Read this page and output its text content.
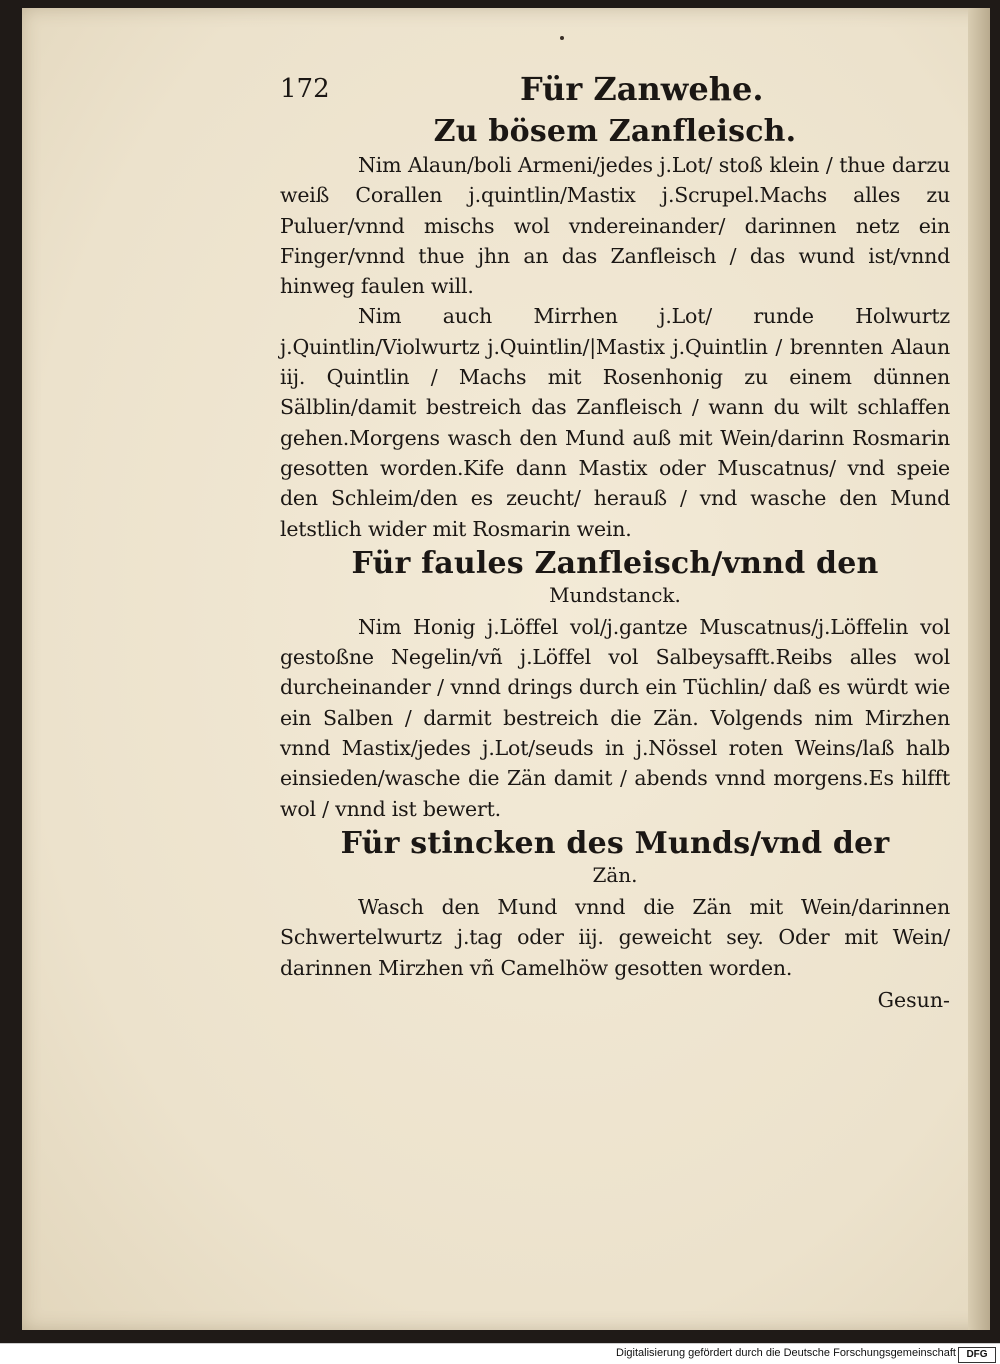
172	Für Zanwehe.
Zu bösem Zanfleisch.

Nim Alaun/boli Armeni/jedes j.Lot/ stoß klein / thue darzu weiß Corallen j.quintlin/Mastix j.Scrupel.Machs alles zu Puluer/vnnd mischs wol vndereinander/ darinnen netz ein Finger/vnnd thue jhn an das Zanfleisch / das wund ist/vnnd hinweg faulen will.

Nim auch Mirrhen j.Lot/ runde Holwurtz j.Quintlin/Violwurtz j.Quintlin/|Mastix j.Quintlin / brennten Alaun iij. Quintlin / Machs mit Rosenhonig zu einem dünnen Sälblin/damit bestreich das Zanfleisch / wann du wilt schlaffen gehen.Morgens wasch den Mund auß mit Wein/darinn Rosmarin gesotten worden.Kife dann Mastix oder Muscatnus/ vnd speie den Schleim/den es zeucht/ herauß / vnd wasche den Mund letstlich wider mit Rosmarin wein.

Für faules Zanfleisch/vnnd den
Mundstanck.

Nim Honig j.Löffel vol/j.gantze Muscatnus/j.Löffelin vol gestoßne Negelin/vñ j.Löffel vol Salbeysafft.Reibs alles wol durcheinander / vnnd drings durch ein Tüchlin/ daß es würdt wie ein Salben / darmit bestreich die Zän. Volgends nim Mirzhen vnnd Mastix/jedes j.Lot/seuds in j.Nössel roten Weins/laß halb einsieden/wasche die Zän damit / abends vnnd morgens.Es hilfft wol / vnnd ist bewert.

Für stincken des Munds/vnd der
Zän.

Wasch den Mund vnnd die Zän mit Wein/darinnen Schwertelwurtz j.tag oder iij. geweicht sey. Oder mit Wein/ darinnen Mirzhen vñ Camelhöw gesotten worden.

Gesun-
Digitalisierung gefördert durch die Deutsche Forschungsgemeinschaft	DFG
